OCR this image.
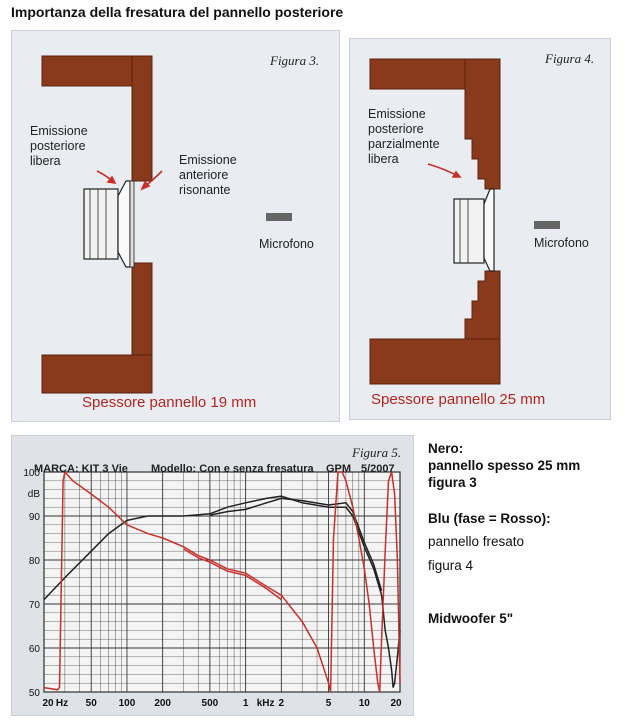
Importanza della fresatura del pannello posteriore
Figura 3.
Emissione
posteriore
libera	Emissione
anteriore
risonante
Microfono
Spessore pannello 19 mm
Figura 4.
Emissione
posteriore
parzialmente
libera
Microfono
Spessore pannello 25 mm
50
60
70
80
90
100
dB
20 Hz 50 100 200	500 1 kHz 2	5	10 20
Figura 5.
MARCA: KIT 3 Vie Modello: Con e senza fresatura GPM 5/2007
Nero:
pannello spesso 25 mm
figura 3
Blu (fase = Rosso):
pannello fresato
figura 4
Midwoofer 5"
